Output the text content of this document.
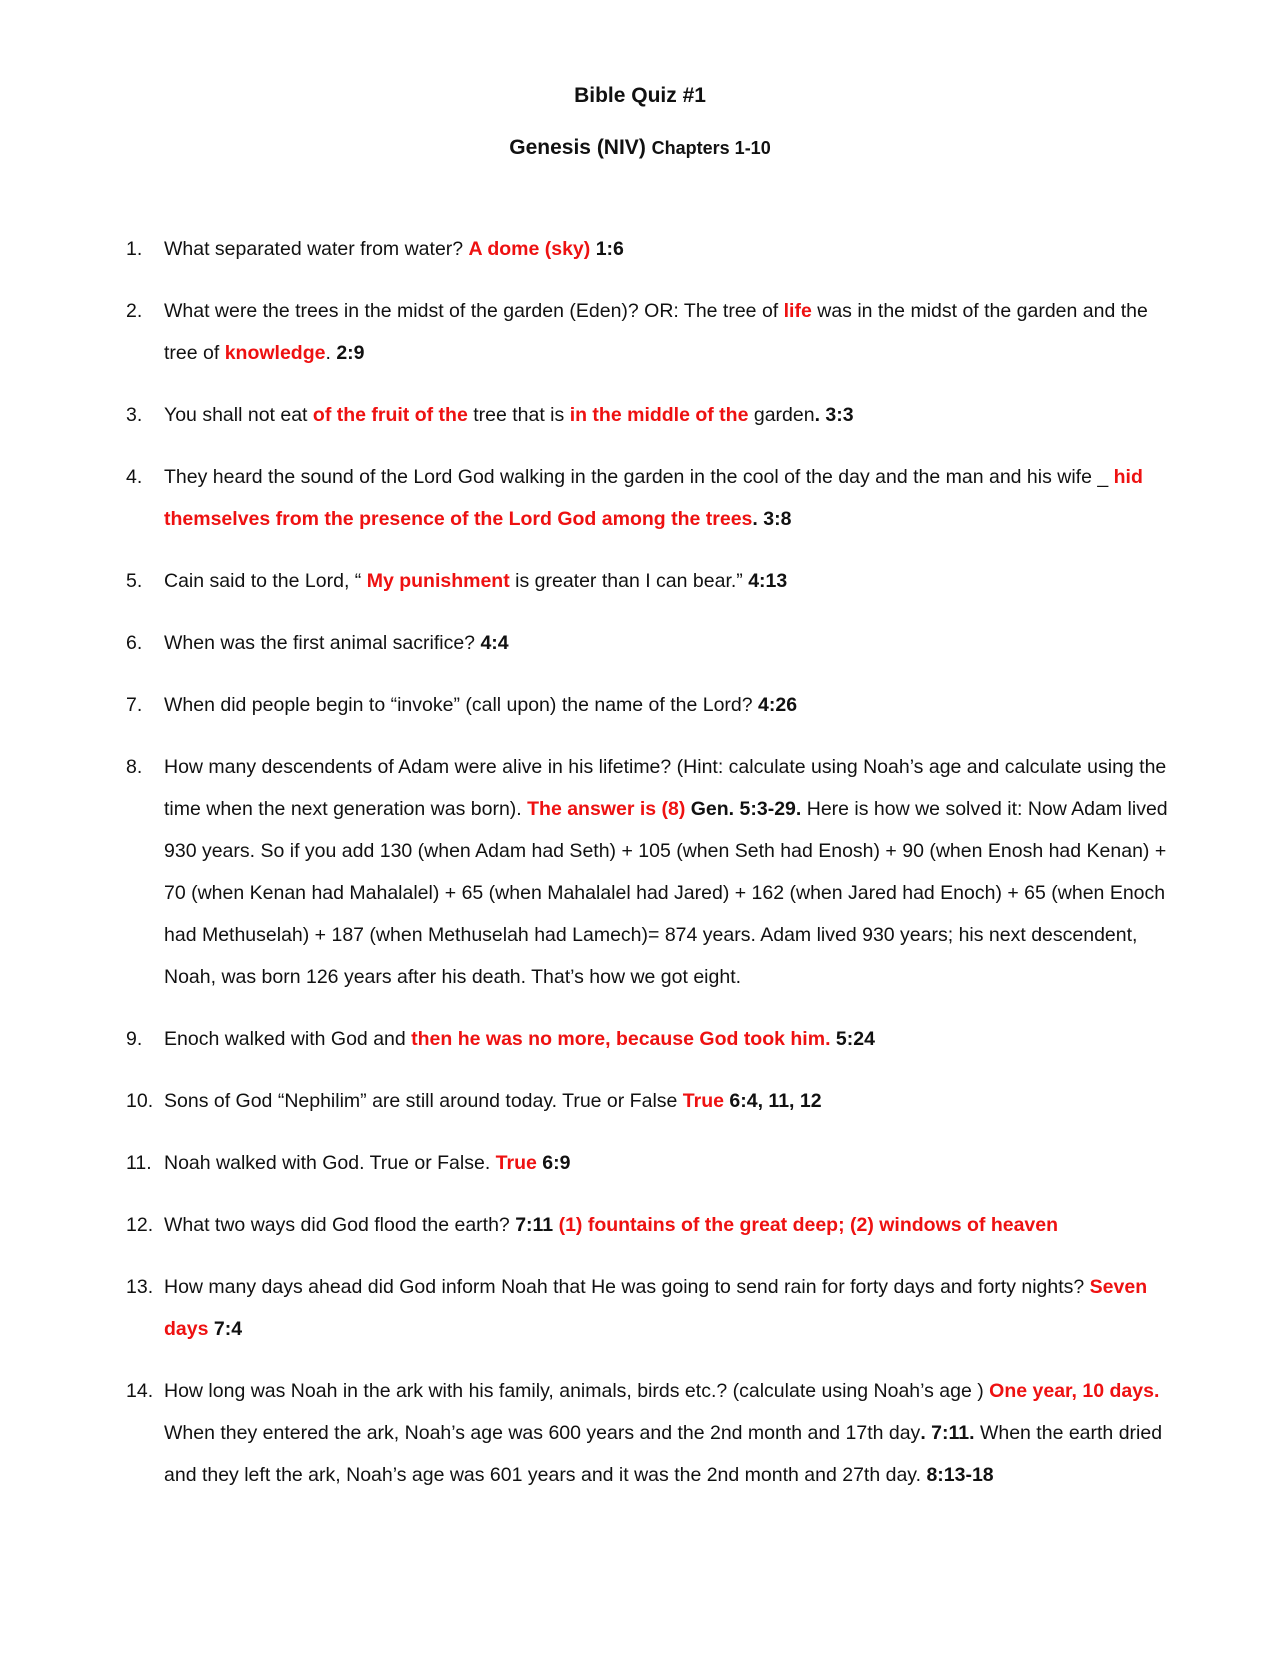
Bible Quiz #1
Genesis (NIV) Chapters 1-10
1. What separated water from water? A dome (sky) 1:6
2. What were the trees in the midst of the garden (Eden)? OR: The tree of life was in the midst of the garden and the tree of knowledge. 2:9
3. You shall not eat of the fruit of the tree that is in the middle of the garden. 3:3
4. They heard the sound of the Lord God walking in the garden in the cool of the day and the man and his wife _ hid themselves from the presence of the Lord God among the trees. 3:8
5. Cain said to the Lord, “ My punishment is greater than I can bear.” 4:13
6. When was the first animal sacrifice? 4:4
7. When did people begin to “invoke” (call upon) the name of the Lord? 4:26
8. How many descendents of Adam were alive in his lifetime? (Hint: calculate using Noah’s age and calculate using the time when the next generation was born). The answer is (8) Gen. 5:3-29. Here is how we solved it: Now Adam lived 930 years. So if you add 130 (when Adam had Seth) + 105 (when Seth had Enosh) + 90 (when Enosh had Kenan) + 70 (when Kenan had Mahalalel) + 65 (when Mahalalel had Jared) + 162 (when Jared had Enoch) + 65 (when Enoch had Methuselah) + 187 (when Methuselah had Lamech)= 874 years. Adam lived 930 years; his next descendent, Noah, was born 126 years after his death. That’s how we got eight.
9. Enoch walked with God and then he was no more, because God took him. 5:24
10. Sons of God “Nephilim” are still around today. True or False True 6:4, 11, 12
11. Noah walked with God. True or False. True 6:9
12. What two ways did God flood the earth? 7:11 (1) fountains of the great deep; (2) windows of heaven
13. How many days ahead did God inform Noah that He was going to send rain for forty days and forty nights? Seven days 7:4
14. How long was Noah in the ark with his family, animals, birds etc.? (calculate using Noah’s age ) One year, 10 days. When they entered the ark, Noah’s age was 600 years and the 2nd month and 17th day. 7:11. When the earth dried and they left the ark, Noah’s age was 601 years and it was the 2nd month and 27th day. 8:13-18
